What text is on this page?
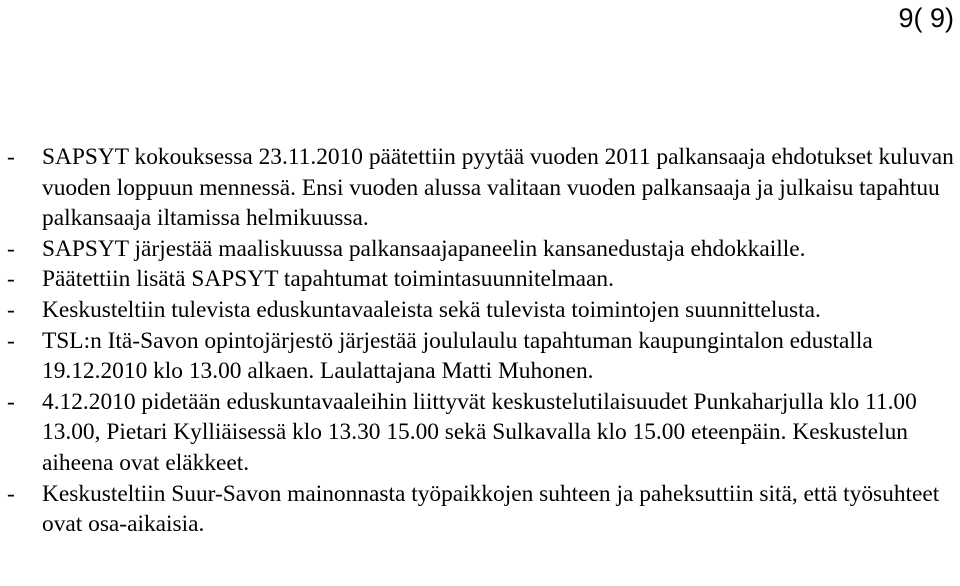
9( 9)
- SAPSYT kokouksessa 23.11.2010 päätettiin pyytää vuoden 2011 palkansaaja ehdotukset kuluvan vuoden loppuun mennessä. Ensi vuoden alussa valitaan vuoden palkansaaja ja julkaisu tapahtuu palkansaaja iltamissa helmikuussa.
- SAPSYT järjestää maaliskuussa palkansaajapaneelin kansanedustaja ehdokkaille.
- Päätettiin lisätä SAPSYT tapahtumat toimintasuunnitelmaan.
- Keskusteltiin tulevista eduskuntavaaleista sekä tulevista toimintojen suunnittelusta.
- TSL:n Itä-Savon opintojärjestö järjestää joululaulu tapahtuman kaupungintalon edustalla 19.12.2010 klo 13.00 alkaen. Laulattajana Matti Muhonen.
- 4.12.2010 pidetään eduskuntavaaleihin liittyvät keskustelutilaisuudet Punkaharjulla klo 11.00 13.00, Pietari Kylliäisessä klo 13.30 15.00 sekä Sulkavalla klo 15.00 eteenpäin. Keskustelun aiheena ovat eläkkeet.
- Keskusteltiin Suur-Savon mainonnasta työpaikkojen suhteen ja paheksuttiin sitä, että työsuhteet ovat osa-aikaisia.
